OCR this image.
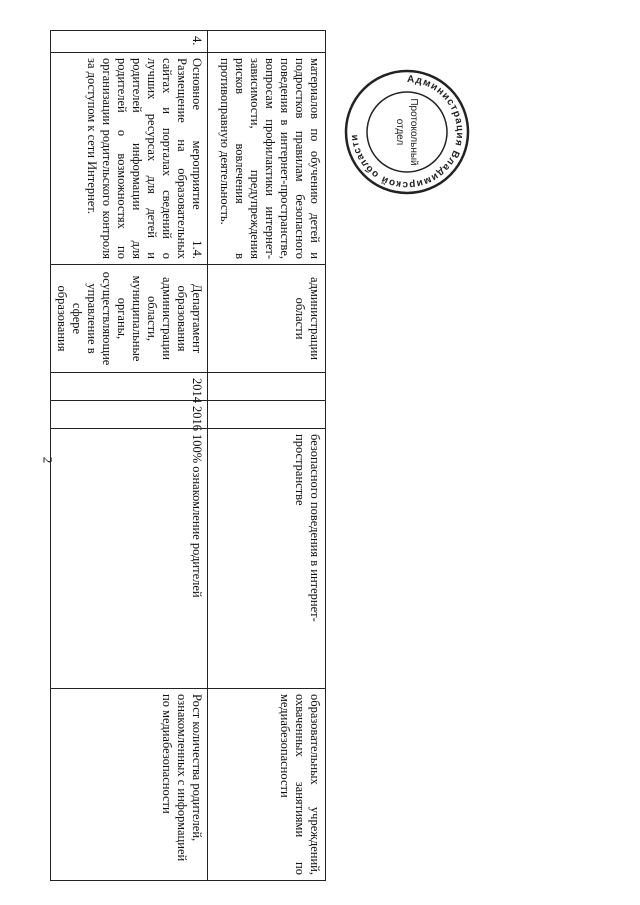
2
	материалов по обучению детей и подростков правилам безопасного поведения в интернет-пространстве, вопросам профилактики интернет-зависимости, предупреждения рисков вовлечения в противоправную деятельность.	администрации области			безопасного поведения в интернет-пространстве	образовательных учреждений, охваченных занятиями по медиабезопасности
4.	Основное мероприятие 1.4. Размещение на образовательных сайтах и порталах сведений о лучших ресурсах для детей и родителей информации для родителей о возможностях по организации родительского контроля за доступом к сети Интернет.	Департамент образования администрации области, муниципальные органы, осуществляющие управление в сфере образования	2014	2016	100% ознакомление родителей	Рост количества родителей, ознакомленных с информацией по медиабезопасности
Администрация Владимирской области	Протокольный
отдел
